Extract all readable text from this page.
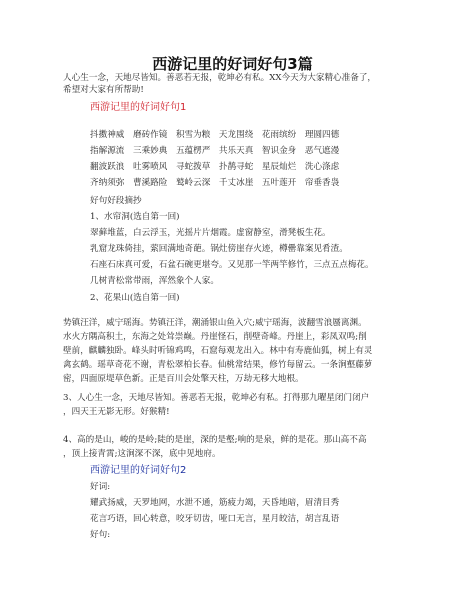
西游记里的好词好句3篇
人心生一念，天地尽皆知。善恶若无报，乾坤必有私。XX今天为大家精心准备了，
希望对大家有所帮助!
西游记里的好词好句1
抖擞神威　磨砖作镜　积雪为粮　天龙围绕　花雨缤纷　理圆四德
指解源流　三乘妙典　五蕴楞严　共乐天真　智识金身　恶气遮漫
翻波跃浪　吐雾喷风　寻蛇拨草　扑鹊寻蛇　星辰灿烂　洗心涤虑
齐纳须弥　曹溪路险　鹫岭云深　千丈冰崖　五叶莲开　帘垂香袅
好句好段摘抄
1、水帘洞(选自第一回)
翠藓堆蓝，白云浮玉，光摇片片烟霞。虚窗静室，滑凳板生花。
乳窟龙珠倚挂，萦回满地奇葩。锅灶傍崖存火迹，樽罍靠案见肴渣。
石座石床真可爱，石盆石碗更堪夸。又见那一竿两竿修竹，三点五点梅花。
几树青松常带雨，浑然象个人家。
2、花果山(选自第一回)
势镇汪洋，威宁瑶海。势镇汪洋，潮涌银山鱼入穴;威宁瑶海，波翻雪浪蜃离渊。
水火方隅高积土，东海之处耸崇巅。丹崖怪石，削壁奇峰。丹崖上，彩凤双鸣;削
壁前，麒麟独卧。峰头时听锦鸡鸣，石窟每观龙出入。林中有寿鹿仙狐，树上有灵
禽玄鹤。瑶草奇花不谢，青松翠柏长春。仙桃常结果，修竹每留云。一条涧壑藤萝
密，四面原堤草色新。正是百川会处擎天柱，万劫无移大地根。
3、人心生一念，天地尽皆知。善恶若无报，乾坤必有私。打得那九曜星闭门闭户
，四天王无影无形。好猴精!
4、高的是山，峻的是岭;陡的是崖，深的是壑;响的是泉，鲜的是花。那山高不高
，顶上接青霄;这涧深不深，底中见地府。
西游记里的好词好句2
好词:
耀武扬威，天罗地网，水泄不通，筋疲力竭，天昏地暗，眉清目秀
花言巧语，回心转意，咬牙切齿，哑口无言，星月皎洁，胡言乱语
好句:
